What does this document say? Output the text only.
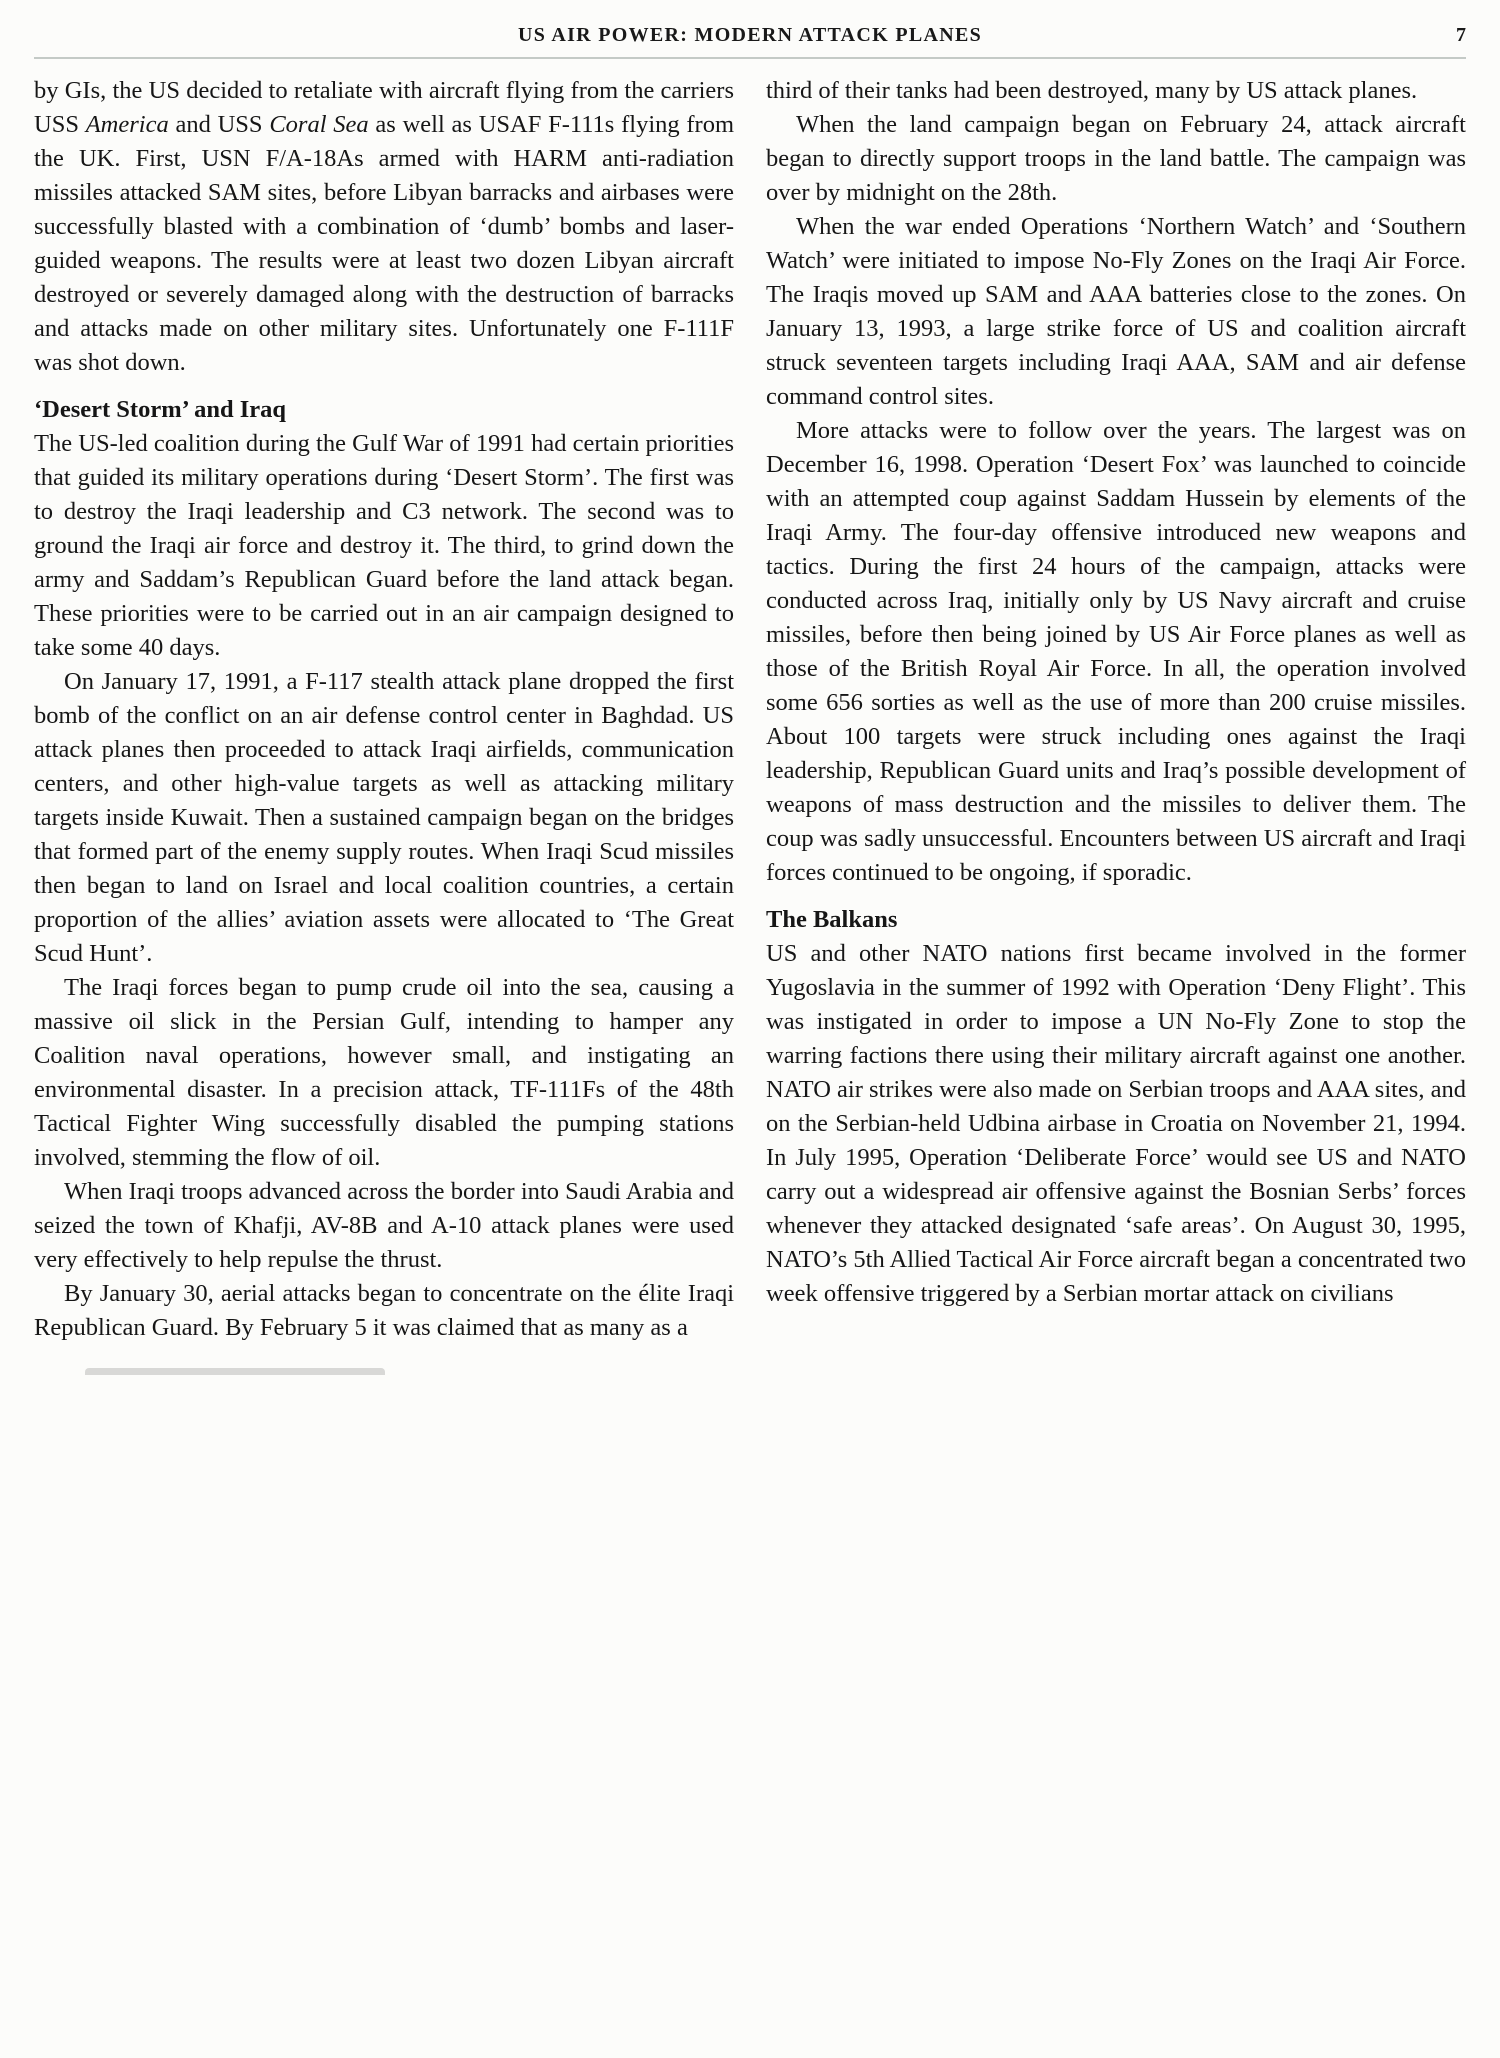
US AIR POWER: MODERN ATTACK PLANES	7

by GIs, the US decided to retaliate with aircraft flying from the carriers USS America and USS Coral Sea as well as USAF F-111s flying from the UK. First, USN F/A-18As armed with HARM anti-radiation missiles attacked SAM sites, before Libyan barracks and airbases were successfully blasted with a combination of ‘dumb’ bombs and laser-guided weapons. The results were at least two dozen Libyan aircraft destroyed or severely damaged along with the destruction of barracks and attacks made on other military sites. Unfortunately one F-111F was shot down.

‘Desert Storm’ and Iraq

The US-led coalition during the Gulf War of 1991 had certain priorities that guided its military operations during ‘Desert Storm’. The first was to destroy the Iraqi leadership and C3 network. The second was to ground the Iraqi air force and destroy it. The third, to grind down the army and Saddam’s Republican Guard before the land attack began. These priorities were to be carried out in an air campaign designed to take some 40 days.

On January 17, 1991, a F-117 stealth attack plane dropped the first bomb of the conflict on an air defense control center in Baghdad. US attack planes then proceeded to attack Iraqi airfields, communication centers, and other high-value targets as well as attacking military targets inside Kuwait. Then a sustained campaign began on the bridges that formed part of the enemy supply routes. When Iraqi Scud missiles then began to land on Israel and local coalition countries, a certain proportion of the allies’ aviation assets were allocated to ‘The Great Scud Hunt’.

The Iraqi forces began to pump crude oil into the sea, causing a massive oil slick in the Persian Gulf, intending to hamper any Coalition naval operations, however small, and instigating an environmental disaster. In a precision attack, TF-111Fs of the 48th Tactical Fighter Wing successfully disabled the pumping stations involved, stemming the flow of oil.

When Iraqi troops advanced across the border into Saudi Arabia and seized the town of Khafji, AV-8B and A-10 attack planes were used very effectively to help repulse the thrust.

By January 30, aerial attacks began to concentrate on the élite Iraqi Republican Guard. By February 5 it was claimed that as many as a

third of their tanks had been destroyed, many by US attack planes.

When the land campaign began on February 24, attack aircraft began to directly support troops in the land battle. The campaign was over by midnight on the 28th.

When the war ended Operations ‘Northern Watch’ and ‘Southern Watch’ were initiated to impose No-Fly Zones on the Iraqi Air Force. The Iraqis moved up SAM and AAA batteries close to the zones. On January 13, 1993, a large strike force of US and coalition aircraft struck seventeen targets including Iraqi AAA, SAM and air defense command control sites.

More attacks were to follow over the years. The largest was on December 16, 1998. Operation ‘Desert Fox’ was launched to coincide with an attempted coup against Saddam Hussein by elements of the Iraqi Army. The four-day offensive introduced new weapons and tactics. During the first 24 hours of the campaign, attacks were conducted across Iraq, initially only by US Navy aircraft and cruise missiles, before then being joined by US Air Force planes as well as those of the British Royal Air Force. In all, the operation involved some 656 sorties as well as the use of more than 200 cruise missiles. About 100 targets were struck including ones against the Iraqi leadership, Republican Guard units and Iraq’s possible development of weapons of mass destruction and the missiles to deliver them. The coup was sadly unsuccessful. Encounters between US aircraft and Iraqi forces continued to be ongoing, if sporadic.

The Balkans

US and other NATO nations first became involved in the former Yugoslavia in the summer of 1992 with Operation ‘Deny Flight’. This was instigated in order to impose a UN No-Fly Zone to stop the warring factions there using their military aircraft against one another. NATO air strikes were also made on Serbian troops and AAA sites, and on the Serbian-held Udbina airbase in Croatia on November 21, 1994. In July 1995, Operation ‘Deliberate Force’ would see US and NATO carry out a widespread air offensive against the Bosnian Serbs’ forces whenever they attacked designated ‘safe areas’. On August 30, 1995, NATO’s 5th Allied Tactical Air Force aircraft began a concentrated two week offensive triggered by a Serbian mortar attack on civilians
